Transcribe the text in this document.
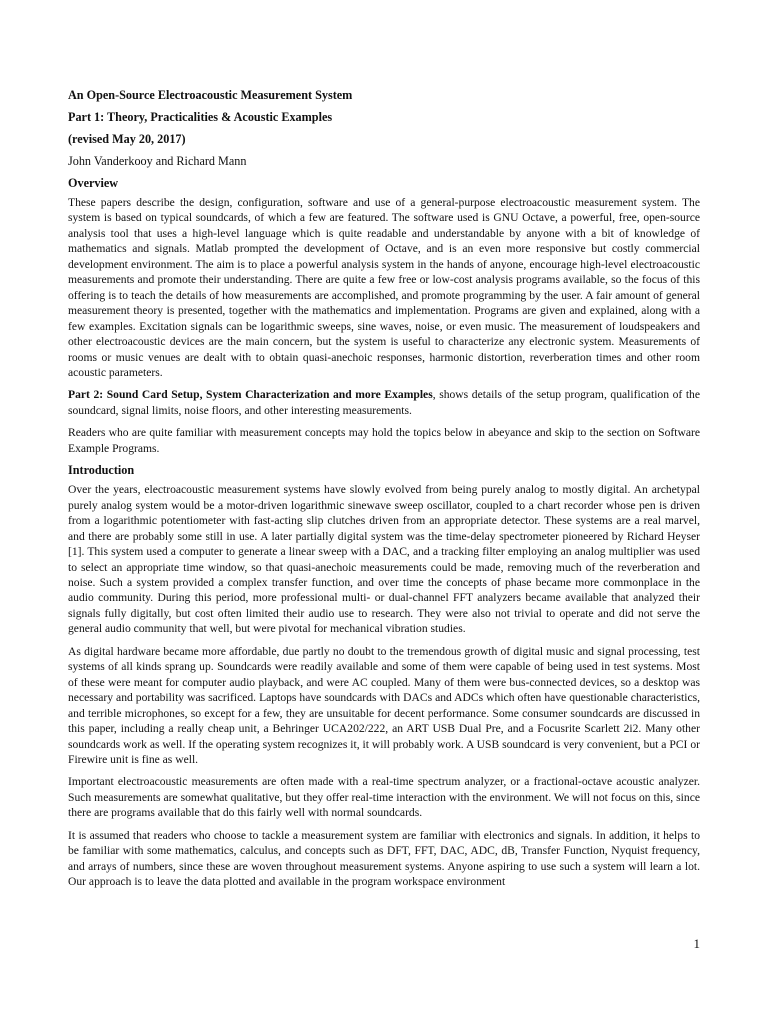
An Open-Source Electroacoustic Measurement System
Part 1: Theory, Practicalities & Acoustic Examples
(revised May 20, 2017)
John Vanderkooy and Richard Mann
Overview

These papers describe the design, configuration, software and use of a general-purpose electroacoustic measurement system. The system is based on typical soundcards, of which a few are featured. The software used is GNU Octave, a powerful, free, open-source analysis tool that uses a high-level language which is quite readable and understandable by anyone with a bit of knowledge of mathematics and signals. Matlab prompted the development of Octave, and is an even more responsive but costly commercial development environment. The aim is to place a powerful analysis system in the hands of anyone, encourage high-level electroacoustic measurements and promote their understanding. There are quite a few free or low-cost analysis programs available, so the focus of this offering is to teach the details of how measurements are accomplished, and promote programming by the user. A fair amount of general measurement theory is presented, together with the mathematics and implementation. Programs are given and explained, along with a few examples. Excitation signals can be logarithmic sweeps, sine waves, noise, or even music. The measurement of loudspeakers and other electroacoustic devices are the main concern, but the system is useful to characterize any electronic system. Measurements of rooms or music venues are dealt with to obtain quasi-anechoic responses, harmonic distortion, reverberation times and other room acoustic parameters.

Part 2: Sound Card Setup, System Characterization and more Examples, shows details of the setup program, qualification of the soundcard, signal limits, noise floors, and other interesting measurements.

Readers who are quite familiar with measurement concepts may hold the topics below in abeyance and skip to the section on Software Example Programs.

Introduction

Over the years, electroacoustic measurement systems have slowly evolved from being purely analog to mostly digital. An archetypal purely analog system would be a motor-driven logarithmic sinewave sweep oscillator, coupled to a chart recorder whose pen is driven from a logarithmic potentiometer with fast-acting slip clutches driven from an appropriate detector. These systems are a real marvel, and there are probably some still in use. A later partially digital system was the time-delay spectrometer pioneered by Richard Heyser [1]. This system used a computer to generate a linear sweep with a DAC, and a tracking filter employing an analog multiplier was used to select an appropriate time window, so that quasi-anechoic measurements could be made, removing much of the reverberation and noise. Such a system provided a complex transfer function, and over time the concepts of phase became more commonplace in the audio community. During this period, more professional multi- or dual-channel FFT analyzers became available that analyzed their signals fully digitally, but cost often limited their audio use to research. They were also not trivial to operate and did not serve the general audio community that well, but were pivotal for mechanical vibration studies.

As digital hardware became more affordable, due partly no doubt to the tremendous growth of digital music and signal processing, test systems of all kinds sprang up. Soundcards were readily available and some of them were capable of being used in test systems. Most of these were meant for computer audio playback, and were AC coupled. Many of them were bus-connected devices, so a desktop was necessary and portability was sacrificed. Laptops have soundcards with DACs and ADCs which often have questionable characteristics, and terrible microphones, so except for a few, they are unsuitable for decent performance. Some consumer soundcards are discussed in this paper, including a really cheap unit, a Behringer UCA202/222, an ART USB Dual Pre, and a Focusrite Scarlett 2i2. Many other soundcards work as well. If the operating system recognizes it, it will probably work. A USB soundcard is very convenient, but a PCI or Firewire unit is fine as well.

Important electroacoustic measurements are often made with a real-time spectrum analyzer, or a fractional-octave acoustic analyzer. Such measurements are somewhat qualitative, but they offer real-time interaction with the environment. We will not focus on this, since there are programs available that do this fairly well with normal soundcards.

It is assumed that readers who choose to tackle a measurement system are familiar with electronics and signals. In addition, it helps to be familiar with some mathematics, calculus, and concepts such as DFT, FFT, DAC, ADC, dB, Transfer Function, Nyquist frequency, and arrays of numbers, since these are woven throughout measurement systems. Anyone aspiring to use such a system will learn a lot. Our approach is to leave the data plotted and available in the program workspace environment

1
